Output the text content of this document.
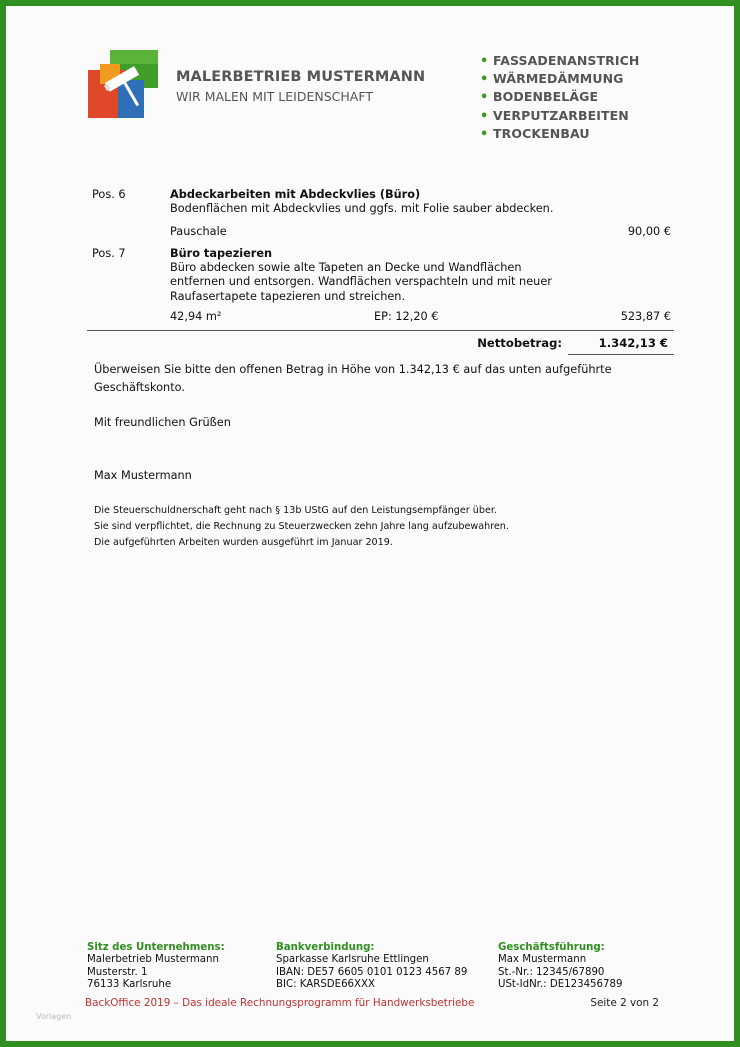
MALERBETRIEB MUSTERMANN
WIR MALEN MIT LEIDENSCHAFT
• FASSADENANSTRICH
• WÄRMEDÄMMUNG
• BODENBELÄGE
• VERPUTZARBEITEN
• TROCKENBAU
Pos. 6	Abdeckarbeiten mit Abdeckvlies (Büro)
Bodenflächen mit Abdeckvlies und ggfs. mit Folie sauber abdecken.
Pauschale	90,00 €
Pos. 7	Büro tapezieren
Büro abdecken sowie alte Tapeten an Decke und Wandflächen entfernen und entsorgen. Wandflächen verspachteln und mit neuer Raufasertapete tapezieren und streichen.
42,94 m²	EP: 12,20 €	523,87 €
Nettobetrag:	1.342,13 €
Überweisen Sie bitte den offenen Betrag in Höhe von 1.342,13 € auf das unten aufgeführte Geschäftskonto.
Mit freundlichen Grüßen
Max Mustermann
Die Steuerschuldnerschaft geht nach § 13b UStG auf den Leistungsempfänger über.
Sie sind verpflichtet, die Rechnung zu Steuerzwecken zehn Jahre lang aufzubewahren.
Die aufgeführten Arbeiten wurden ausgeführt im Januar 2019.
Sitz des Unternehmens:
Malerbetrieb Mustermann
Musterstr. 1
76133 Karlsruhe
Bankverbindung:
Sparkasse Karlsruhe Ettlingen
IBAN: DE57 6605 0101 0123 4567 89
BIC: KARSDE66XXX
Geschäftsführung:
Max Mustermann
St.-Nr.: 12345/67890
USt-IdNr.: DE123456789
BackOffice 2019 – Das ideale Rechnungsprogramm für Handwerksbetriebe	Seite 2 von 2
Vorlagen
